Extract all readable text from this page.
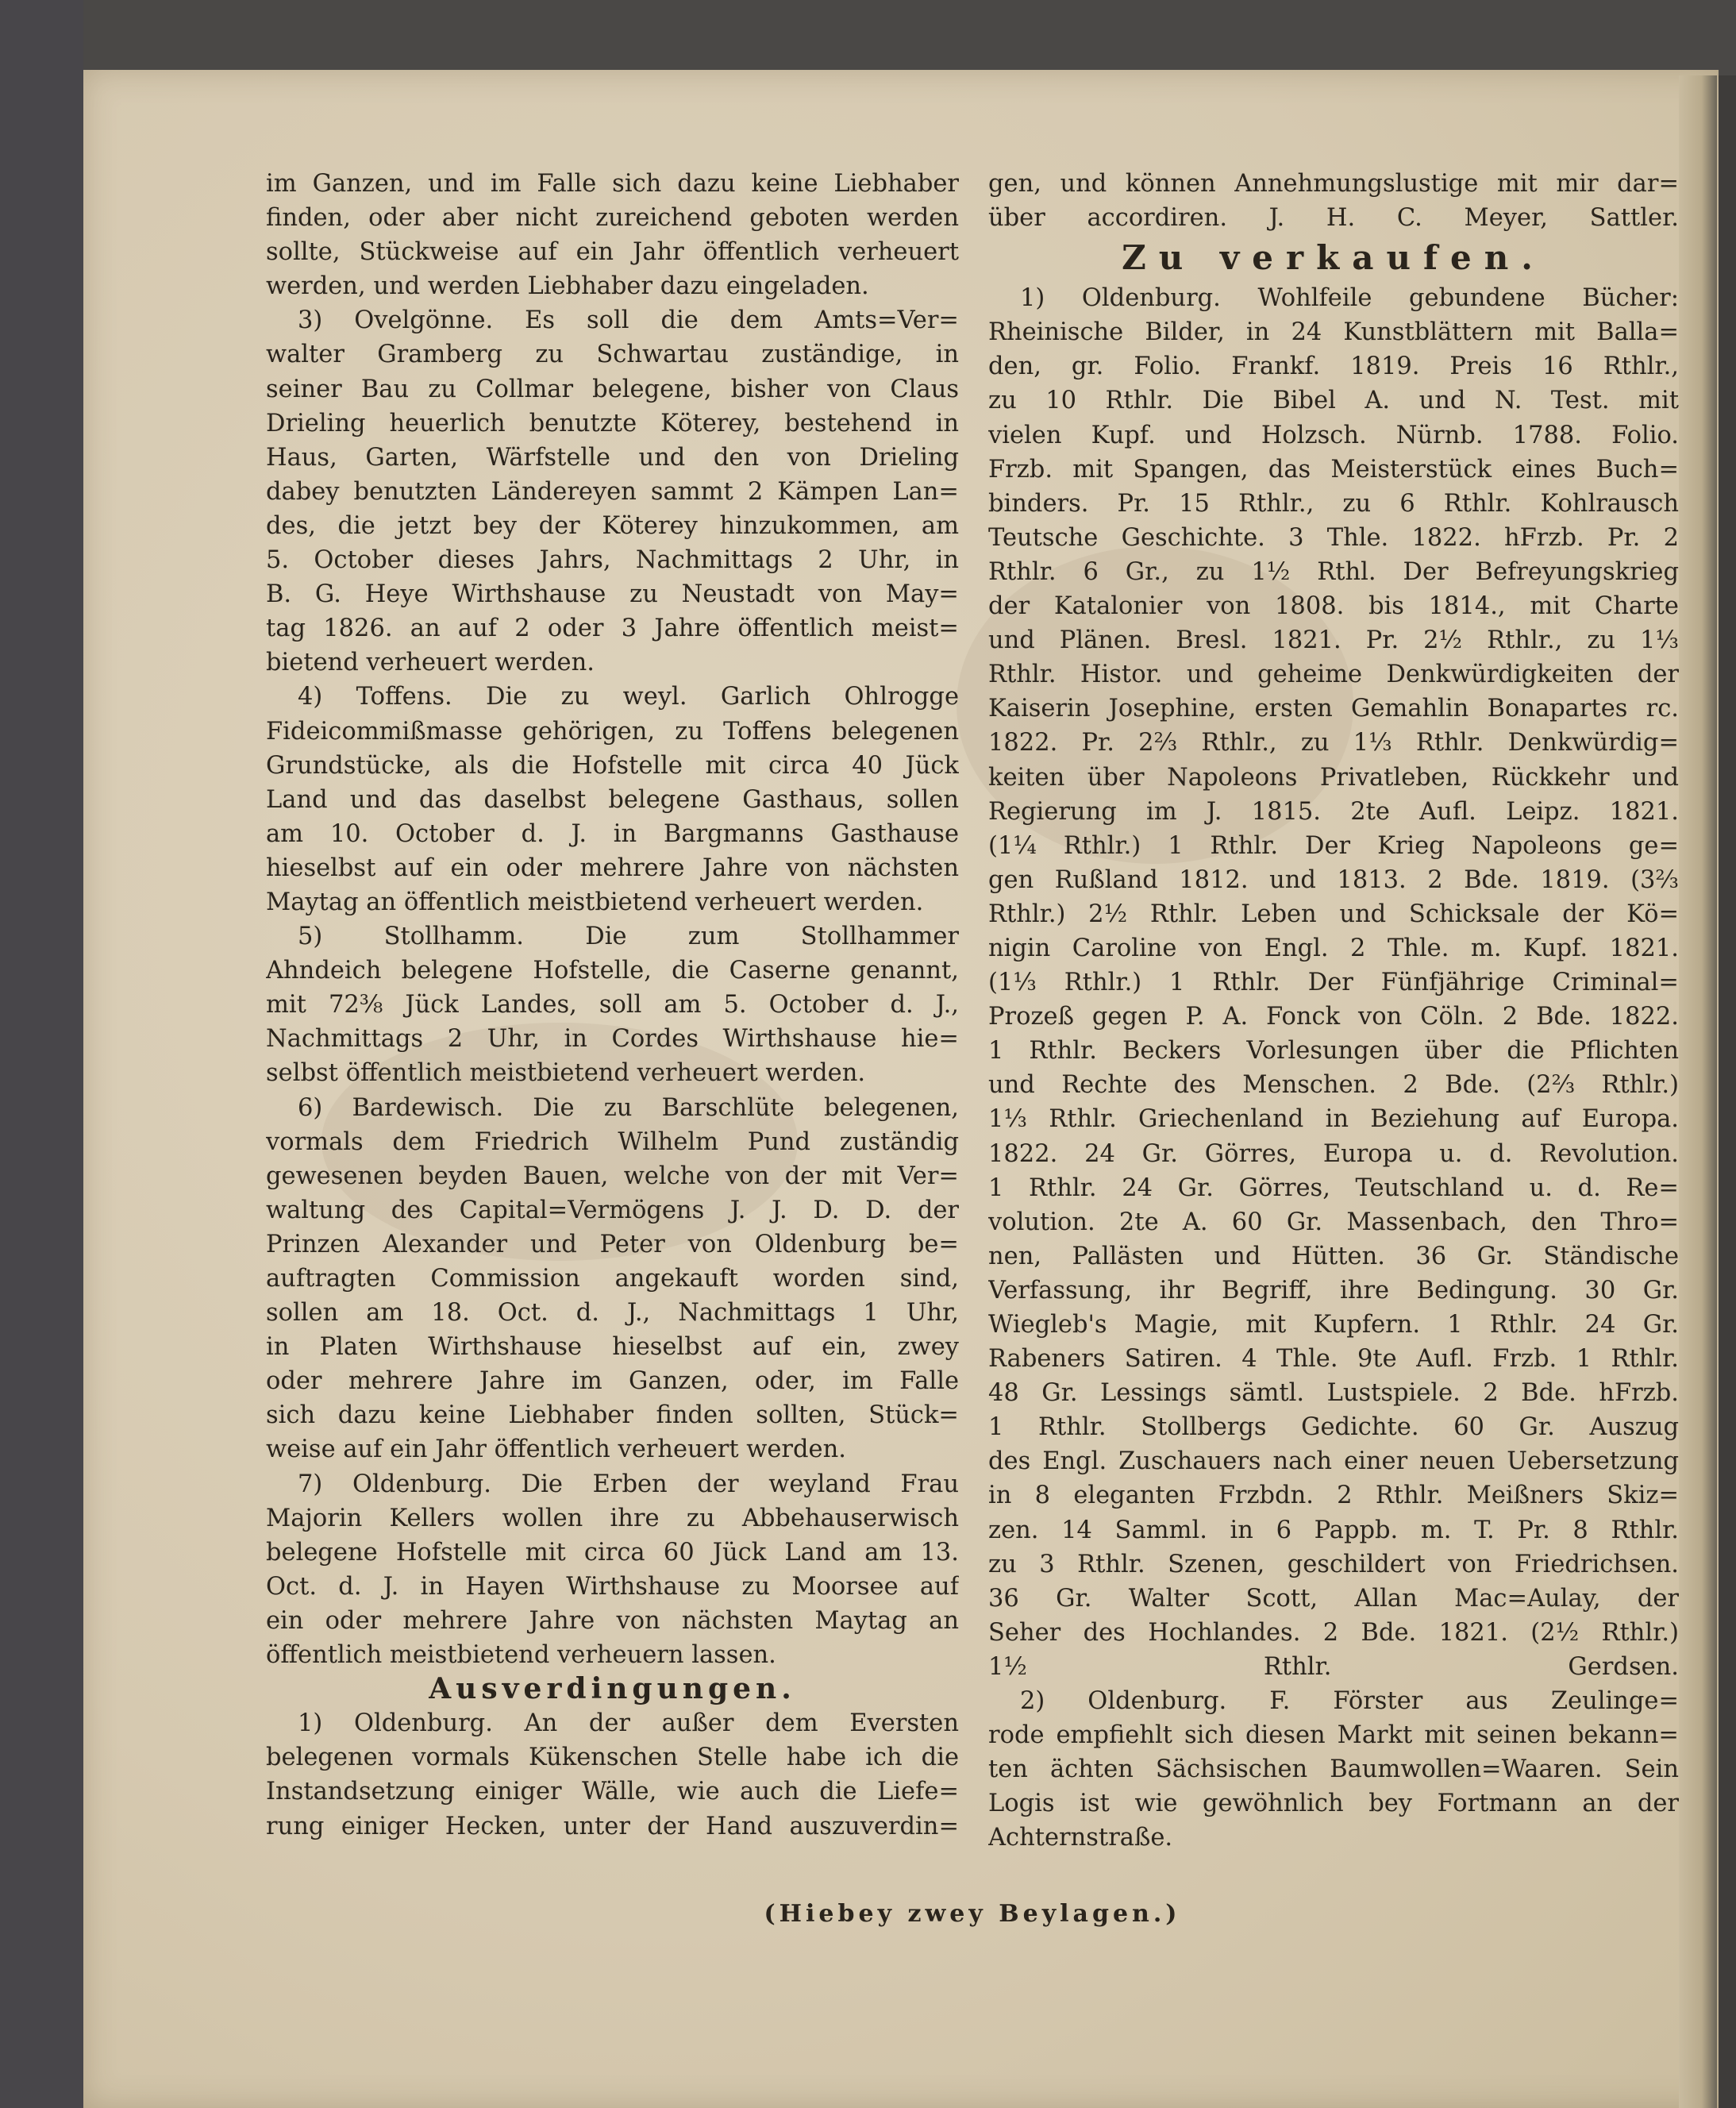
im Ganzen, und im Falle sich dazu keine Liebhaber
finden, oder aber nicht zureichend geboten werden
sollte, Stückweise auf ein Jahr öffentlich verheuert
werden, und werden Liebhaber dazu eingeladen.
3) Ovelgönne. Es soll die dem Amts=Ver=
walter Gramberg zu Schwartau zuständige, in
seiner Bau zu Collmar belegene, bisher von Claus
Drieling heuerlich benutzte Köterey, bestehend in
Haus, Garten, Wärfstelle und den von Drieling
dabey benutzten Ländereyen sammt 2 Kämpen Lan=
des, die jetzt bey der Köterey hinzukommen, am
5. October dieses Jahrs, Nachmittags 2 Uhr, in
B. G. Heye Wirthshause zu Neustadt von May=
tag 1826. an auf 2 oder 3 Jahre öffentlich meist=
bietend verheuert werden.
4) Toffens. Die zu weyl. Garlich Ohlrogge
Fideicommißmasse gehörigen, zu Toffens belegenen
Grundstücke, als die Hofstelle mit circa 40 Jück
Land und das daselbst belegene Gasthaus, sollen
am 10. October d. J. in Bargmanns Gasthause
hieselbst auf ein oder mehrere Jahre von nächsten
Maytag an öffentlich meistbietend verheuert werden.
5) Stollhamm. Die zum Stollhammer
Ahndeich belegene Hofstelle, die Caserne genannt,
mit 72⅜ Jück Landes, soll am 5. October d. J.,
Nachmittags 2 Uhr, in Cordes Wirthshause hie=
selbst öffentlich meistbietend verheuert werden.
6) Bardewisch. Die zu Barschlüte belegenen,
vormals dem Friedrich Wilhelm Pund zuständig
gewesenen beyden Bauen, welche von der mit Ver=
waltung des Capital=Vermögens J. J. D. D. der
Prinzen Alexander und Peter von Oldenburg be=
auftragten Commission angekauft worden sind,
sollen am 18. Oct. d. J., Nachmittags 1 Uhr,
in Platen Wirthshause hieselbst auf ein, zwey
oder mehrere Jahre im Ganzen, oder, im Falle
sich dazu keine Liebhaber finden sollten, Stück=
weise auf ein Jahr öffentlich verheuert werden.
7) Oldenburg. Die Erben der weyland Frau
Majorin Kellers wollen ihre zu Abbehauserwisch
belegene Hofstelle mit circa 60 Jück Land am 13.
Oct. d. J. in Hayen Wirthshause zu Moorsee auf
ein oder mehrere Jahre von nächsten Maytag an
öffentlich meistbietend verheuern lassen.
Ausverdingungen.
1) Oldenburg. An der außer dem Eversten
belegenen vormals Kükenschen Stelle habe ich die
Instandsetzung einiger Wälle, wie auch die Liefe=
rung einiger Hecken, unter der Hand auszuverdin=
gen, und können Annehmungslustige mit mir dar=
über accordiren. J. H. C. Meyer, Sattler.
Zu verkaufen.
1) Oldenburg. Wohlfeile gebundene Bücher:
Rheinische Bilder, in 24 Kunstblättern mit Balla=
den, gr. Folio. Frankf. 1819. Preis 16 Rthlr.,
zu 10 Rthlr. Die Bibel A. und N. Test. mit
vielen Kupf. und Holzsch. Nürnb. 1788. Folio.
Frzb. mit Spangen, das Meisterstück eines Buch=
binders. Pr. 15 Rthlr., zu 6 Rthlr. Kohlrausch
Teutsche Geschichte. 3 Thle. 1822. hFrzb. Pr. 2
Rthlr. 6 Gr., zu 1½ Rthl. Der Befreyungskrieg
der Katalonier von 1808. bis 1814., mit Charte
und Plänen. Bresl. 1821. Pr. 2½ Rthlr., zu 1⅓
Rthlr. Histor. und geheime Denkwürdigkeiten der
Kaiserin Josephine, ersten Gemahlin Bonapartes rc.
1822. Pr. 2⅔ Rthlr., zu 1⅓ Rthlr. Denkwürdig=
keiten über Napoleons Privatleben, Rückkehr und
Regierung im J. 1815. 2te Aufl. Leipz. 1821.
(1¼ Rthlr.) 1 Rthlr. Der Krieg Napoleons ge=
gen Rußland 1812. und 1813. 2 Bde. 1819. (3⅔
Rthlr.) 2½ Rthlr. Leben und Schicksale der Kö=
nigin Caroline von Engl. 2 Thle. m. Kupf. 1821.
(1⅓ Rthlr.) 1 Rthlr. Der Fünfjährige Criminal=
Prozeß gegen P. A. Fonck von Cöln. 2 Bde. 1822.
1 Rthlr. Beckers Vorlesungen über die Pflichten
und Rechte des Menschen. 2 Bde. (2⅔ Rthlr.)
1⅓ Rthlr. Griechenland in Beziehung auf Europa.
1822. 24 Gr. Görres, Europa u. d. Revolution.
1 Rthlr. 24 Gr. Görres, Teutschland u. d. Re=
volution. 2te A. 60 Gr. Massenbach, den Thro=
nen, Pallästen und Hütten. 36 Gr. Ständische
Verfassung, ihr Begriff, ihre Bedingung. 30 Gr.
Wiegleb's Magie, mit Kupfern. 1 Rthlr. 24 Gr.
Rabeners Satiren. 4 Thle. 9te Aufl. Frzb. 1 Rthlr.
48 Gr. Lessings sämtl. Lustspiele. 2 Bde. hFrzb.
1 Rthlr. Stollbergs Gedichte. 60 Gr. Auszug
des Engl. Zuschauers nach einer neuen Uebersetzung
in 8 eleganten Frzbdn. 2 Rthlr. Meißners Skiz=
zen. 14 Samml. in 6 Pappb. m. T. Pr. 8 Rthlr.
zu 3 Rthlr. Szenen, geschildert von Friedrichsen.
36 Gr. Walter Scott, Allan Mac=Aulay, der
Seher des Hochlandes. 2 Bde. 1821. (2½ Rthlr.)
1½ Rthlr. Gerdsen.
2) Oldenburg. F. Förster aus Zeulinge=
rode empfiehlt sich diesen Markt mit seinen bekann=
ten ächten Sächsischen Baumwollen=Waaren. Sein
Logis ist wie gewöhnlich bey Fortmann an der
Achternstraße.
(Hiebey zwey Beylagen.)
